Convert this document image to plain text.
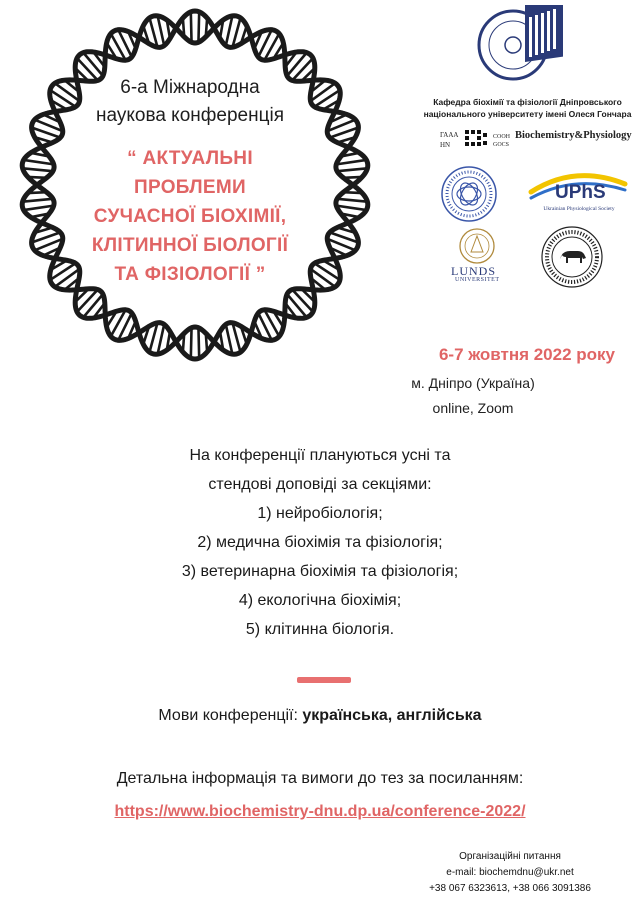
6-а Міжнародна
наукова конференція
“ АКТУАЛЬНІ
ПРОБЛЕМИ
СУЧАСНОЇ БІОХІМІЇ,
КЛІТИННОЇ БІОЛОГІЇ
ТА ФІЗІОЛОГІЇ ”
Кафедра біохімії та фізіології Дніпровського
національного університету імені Олеся Гончара
ГААА
НN
СООН
GOCS
Biochemistry&Physiology
UPhS
Ukrainian Physiological Society
LUNDS
UNIVERSITET
6-7 жовтня 2022 року
м. Дніпро (Україна)
online, Zoom
На конференції плануються усні та
стендові доповіді за секціями:
1) нейробіологія;
2) медична біохімія та фізіологія;
3) ветеринарна біохімія та фізіологія;
4) екологічна біохімія;
5) клітинна біологія.
Мови конференції: українська, англійська
Детальна інформація та вимоги до тез за посиланням:
https://www.biochemistry-dnu.dp.ua/conference-2022/
Організаційні питання
e-mail: biochemdnu@ukr.net
+38 067 6323613, +38 066 3091386
